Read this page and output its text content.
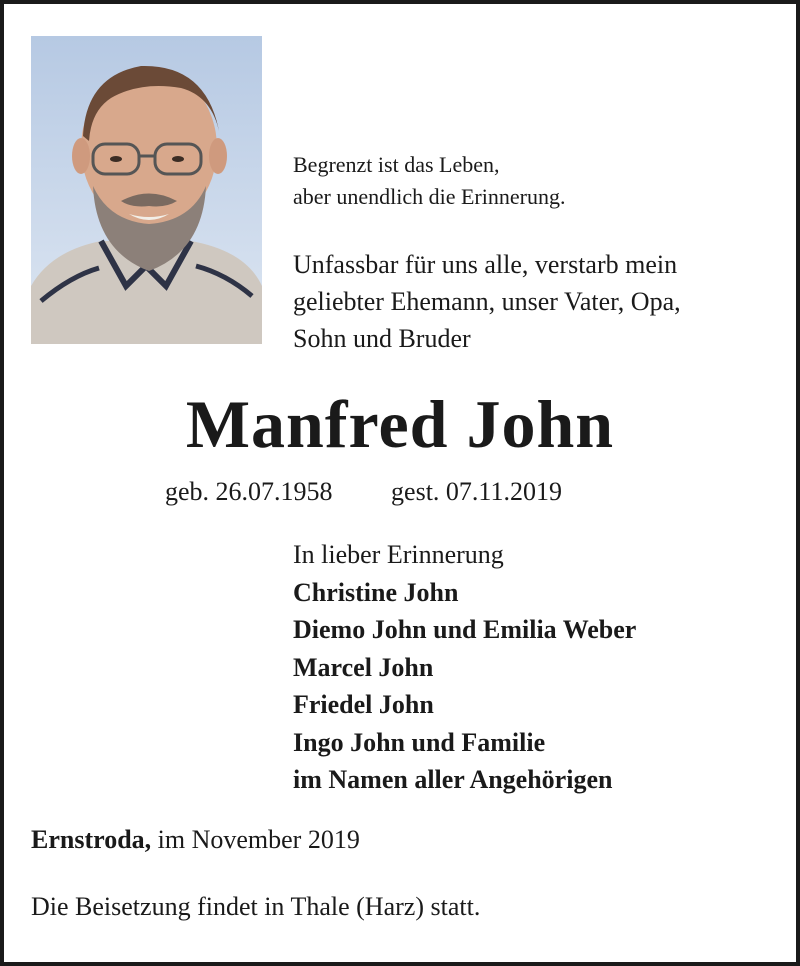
Begrenzt ist das Leben,
aber unendlich die Erinnerung.
Unfassbar für uns alle, verstarb mein
geliebter Ehemann, unser Vater, Opa,
Sohn und Bruder
Manfred John
geb. 26.07.1958 gest. 07.11.2019
In lieber Erinnerung
Christine John
Diemo John und Emilia Weber
Marcel John
Friedel John
Ingo John und Familie
im Namen aller Angehörigen
Ernstroda, im November 2019
Die Beisetzung findet in Thale (Harz) statt.
